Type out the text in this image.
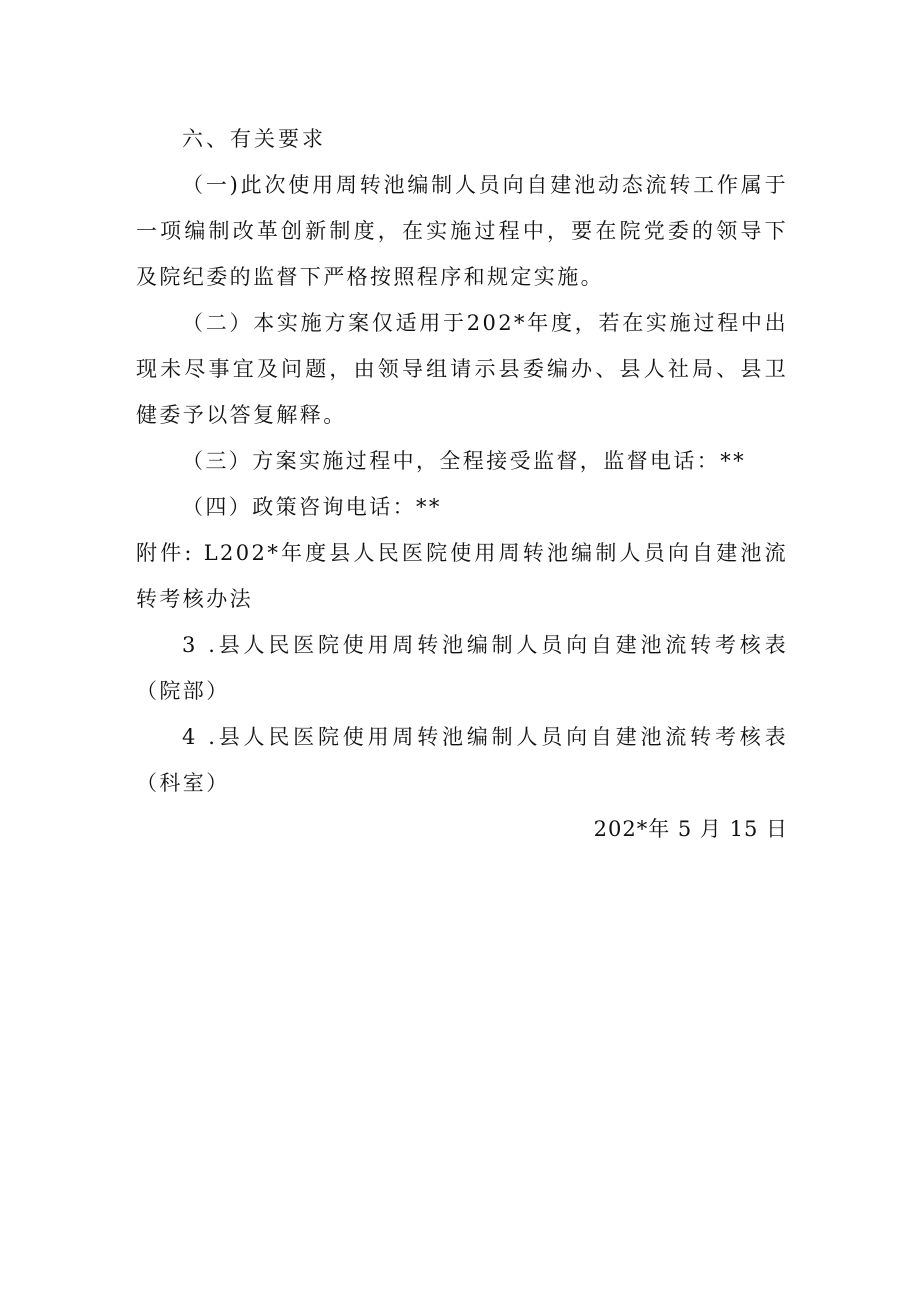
六、有关要求

（一)此次使用周转池编制人员向自建池动态流转工作属于一项编制改革创新制度，在实施过程中，要在院党委的领导下及院纪委的监督下严格按照程序和规定实施。

（二）本实施方案仅适用于202*年度，若在实施过程中出现未尽事宜及问题，由领导组请示县委编办、县人社局、县卫健委予以答复解释。

（三）方案实施过程中，全程接受监督，监督电话：**

（四）政策咨询电话：**

附件: L202*年度县人民医院使用周转池编制人员向自建池流转考核办法

3 .县人民医院使用周转池编制人员向自建池流转考核表（院部）

4 .县人民医院使用周转池编制人员向自建池流转考核表（科室）

202*年 5 月 15 日
